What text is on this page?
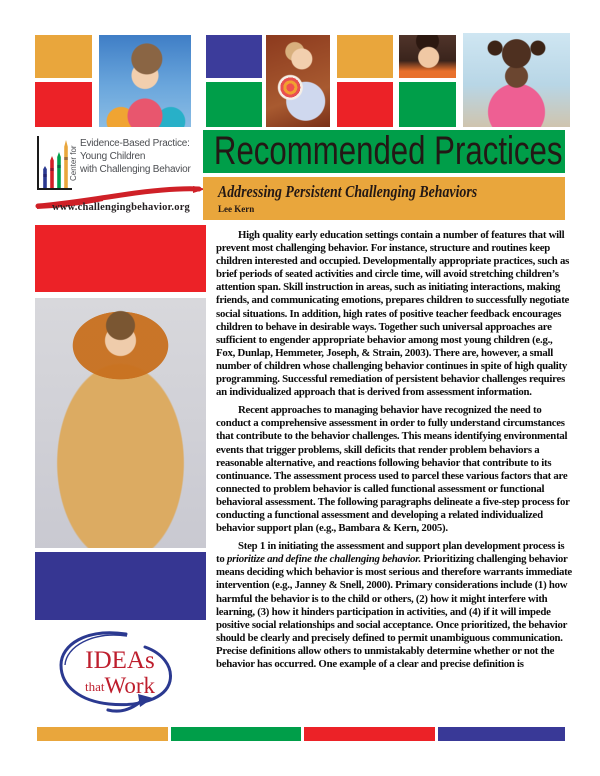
Center for
Evidence-Based Practice:
Young Children
with Challenging Behavior
www.challengingbehavior.org
Recommended Practices
Addressing Persistent Challenging Behaviors
Lee Kern
IDEAs
thatWork

High quality early education settings contain a number of features that will prevent most challenging behavior. For instance, structure and routines keep children interested and occupied. Developmentally appropriate practices, such as brief periods of seated activities and circle time, will avoid stretching children’s attention span. Skill instruction in areas, such as initiating interactions, making friends, and communicating emotions, prepares children to successfully negotiate social situations. In addition, high rates of positive teacher feedback encourages children to behave in desirable ways. Together such universal approaches are sufficient to engender appropriate behavior among most young children (e.g., Fox, Dunlap, Hemmeter, Joseph, & Strain, 2003). There are, however, a small number of children whose challenging behavior continues in spite of high quality programming. Successful remediation of persistent behavior challenges requires an individualized approach that is derived from assessment information.

Recent approaches to managing behavior have recognized the need to conduct a comprehensive assessment in order to fully understand circumstances that contribute to the behavior challenges. This means identifying environmental events that trigger problems, skill deficits that render problem behaviors a reasonable alternative, and reactions following behavior that contribute to its continuance. The assessment process used to parcel these various factors that are connected to problem behavior is called functional assessment or functional behavioral assessment. The following paragraphs delineate a five-step process for conducting a functional assessment and developing a related individualized behavior support plan (e.g., Bambara & Kern, 2005).

Step 1 in initiating the assessment and support plan development process is to prioritize and define the challenging behavior. Prioritizing challenging behavior means deciding which behavior is most serious and therefore warrants immediate intervention (e.g., Janney & Snell, 2000). Primary considerations include (1) how harmful the behavior is to the child or others, (2) how it might interfere with learning, (3) how it hinders participation in activities, and (4) if it will impede positive social relationships and social acceptance. Once prioritized, the behavior should be clearly and precisely defined to permit unambiguous communication. Precise definitions allow others to unmistakably determine whether or not the behavior has occurred. One example of a clear and precise definition is
